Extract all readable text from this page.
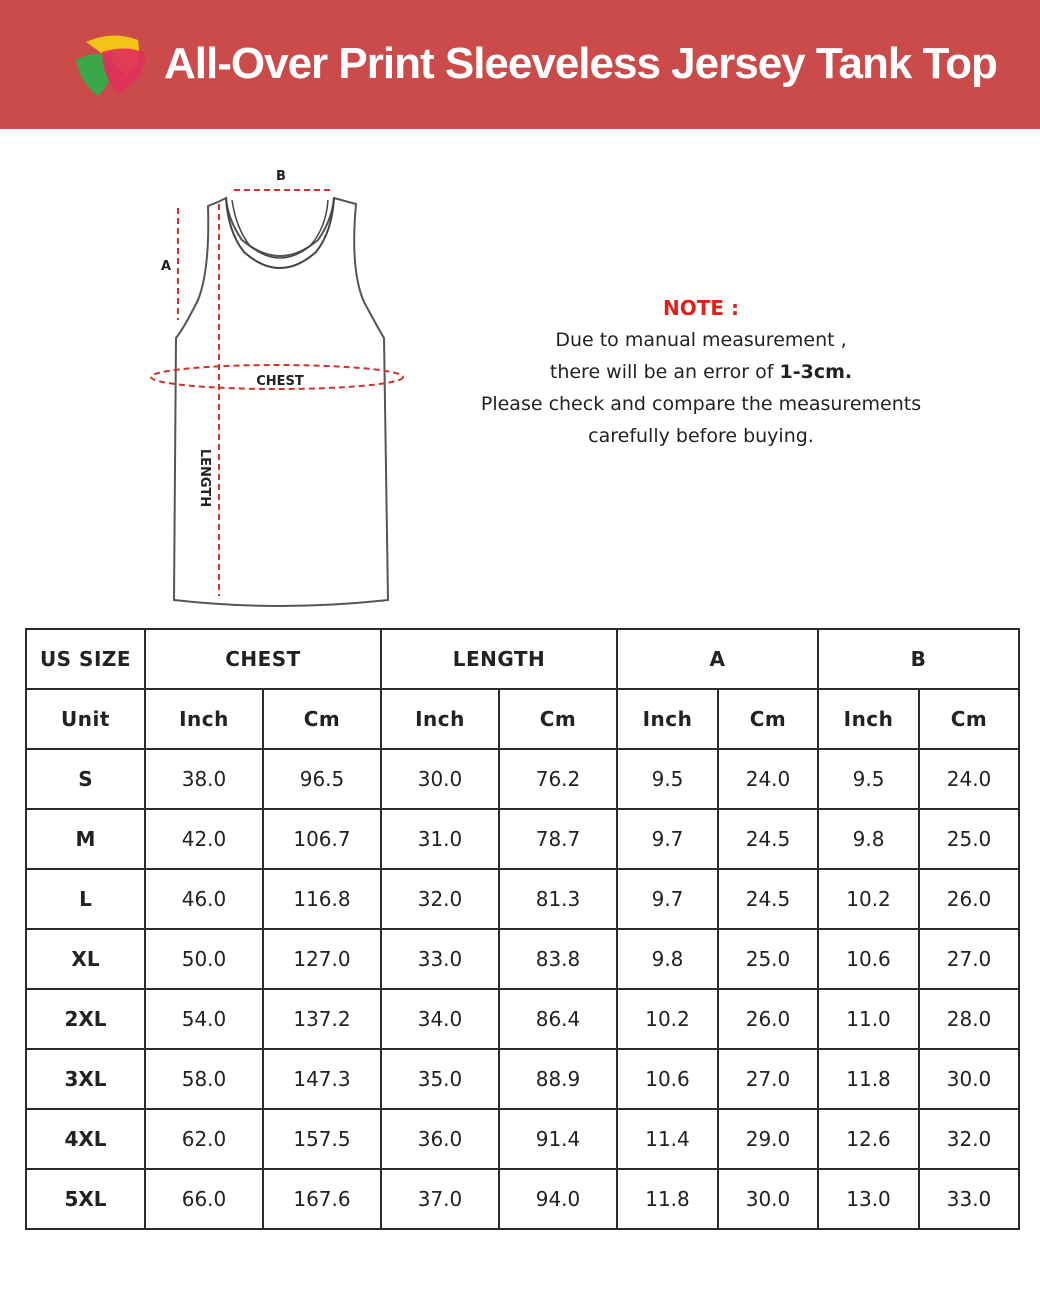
All-Over Print Sleeveless Jersey Tank Top
B
A
CHEST
LENGTH
NOTE :
Due to manual measurement ,
there will be an error of 1-3cm.
Please check and compare the measurements
carefully before buying.
US SIZE	CHEST		LENGTH		A		B	
Unit	Inch	Cm	Inch	Cm	Inch	Cm	Inch	Cm
S	38.0	96.5	30.0	76.2	9.5	24.0	9.5	24.0
M	42.0	106.7	31.0	78.7	9.7	24.5	9.8	25.0
L	46.0	116.8	32.0	81.3	9.7	24.5	10.2	26.0
XL	50.0	127.0	33.0	83.8	9.8	25.0	10.6	27.0
2XL	54.0	137.2	34.0	86.4	10.2	26.0	11.0	28.0
3XL	58.0	147.3	35.0	88.9	10.6	27.0	11.8	30.0
4XL	62.0	157.5	36.0	91.4	11.4	29.0	12.6	32.0
5XL	66.0	167.6	37.0	94.0	11.8	30.0	13.0	33.0
